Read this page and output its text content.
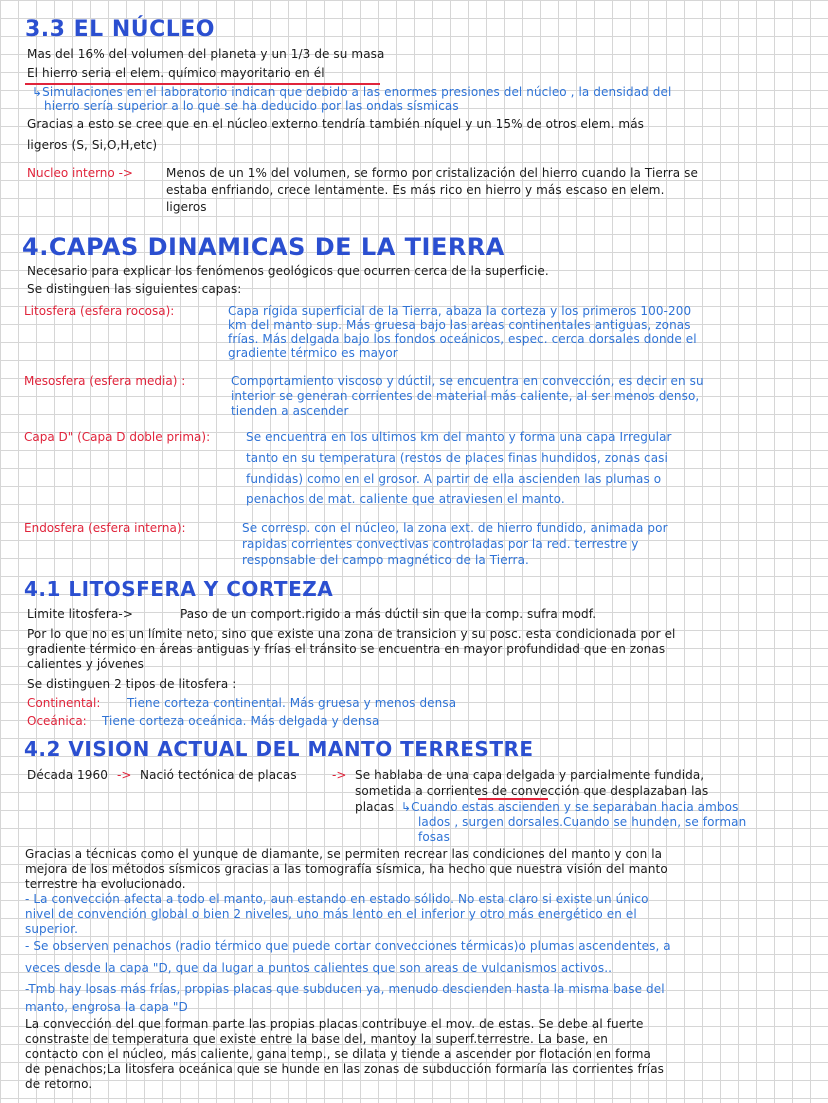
3.3 EL NÚCLEO
Mas del 16% del volumen del planeta y un 1/3 de su masa
El hierro seria el elem. químico mayoritario en él
↳Simulaciones en el laboratorio indican que debido a las enormes presiones del núcleo , la densidad del
hierro sería superior a lo que se ha deducido por las ondas sísmicas
Gracias a esto se cree que en el núcleo externo tendría también níquel y un 15% de otros elem. más
ligeros (S, Si,O,H,etc)
Nucleo interno ->	Menos de un 1% del volumen, se formo por cristalización del hierro cuando la Tierra se
estaba enfriando, crece lentamente. Es más rico en hierro y más escaso en elem.
ligeros
4.CAPAS DINAMICAS DE LA TIERRA
Necesario para explicar los fenómenos geológicos que ocurren cerca de la superficie.
Se distinguen las siguientes capas:
Litosfera (esfera rocosa):	Capa rígida superficial de la Tierra, abaza la corteza y los primeros 100-200
km del manto sup. Más gruesa bajo las areas continentales antiguas, zonas
frías. Más delgada bajo los fondos oceánicos, espec. cerca dorsales donde el
gradiente térmico es mayor
Mesosfera (esfera media) :	Comportamiento viscoso y dúctil, se encuentra en convección, es decir en su
interior se generan corrientes de material más caliente, al ser menos denso,
tienden a ascender
Capa D" (Capa D doble prima):	Se encuentra en los ultimos km del manto y forma una capa Irregular
tanto en su temperatura (restos de places finas hundidos, zonas casi
fundidas) como en el grosor. A partir de ella ascienden las plumas o
penachos de mat. caliente que atraviesen el manto.
Endosfera (esfera interna):	Se corresp. con el núcleo, la zona ext. de hierro fundido, animada por
rapidas corrientes convectivas controladas por la red. terrestre y
responsable del campo magnético de la Tierra.
4.1 LITOSFERA Y CORTEZA
Limite litosfera->	Paso de un comport.rigido a más dúctil sin que la comp. sufra modf.
Por lo que no es un límite neto, sino que existe una zona de transicion y su posc. esta condicionada por el
gradiente térmico en áreas antiguas y frías el tránsito se encuentra en mayor profundidad que en zonas
calientes y jóvenes
Se distinguen 2 tipos de litosfera :
Continental: Tiene corteza continental. Más gruesa y menos densa
Oceánica: Tiene corteza oceánica. Más delgada y densa
4.2 VISION ACTUAL DEL MANTO TERRESTRE
Década 1960 -> Nació tectónica de placas	-> Se hablaba de una capa delgada y parcialmente fundida,
sometida a corrientes de convección que desplazaban las
placas ↳Cuando estas ascienden y se separaban hacia ambos
lados , surgen dorsales.Cuando se hunden, se forman
fosas
Gracias a técnicas como el yunque de diamante, se permiten recrear las condiciones del manto y con la
mejora de los métodos sísmicos gracias a las tomografía sísmica, ha hecho que nuestra visión del manto
terrestre ha evolucionado.
- La convección afecta a todo el manto, aun estando en estado sólido. No esta claro si existe un único
nivel de convención global o bien 2 niveles, uno más lento en el inferior y otro más energético en el
superior.
- Se observen penachos (radio térmico que puede cortar convecciones térmicas)o plumas ascendentes, a
veces desde la capa "D, que da lugar a puntos calientes que son areas de vulcanismos activos..
-Tmb hay losas más frías, propias placas que subducen ya, menudo descienden hasta la misma base del
manto, engrosa la capa "D
La convección del que forman parte las propias placas contribuye el mov. de estas. Se debe al fuerte
constraste de temperatura que existe entre la base del, mantoy la superf.terrestre. La base, en
contacto con el núcleo, más caliente, gana temp., se dilata y tiende a ascender por flotación en forma
de penachos;La litosfera oceánica que se hunde en las zonas de subducción formaría las corrientes frías
de retorno.
